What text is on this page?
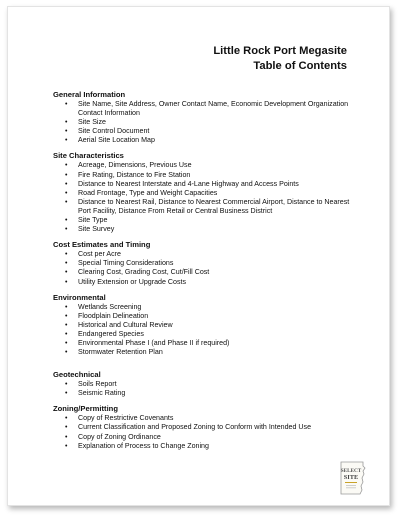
Little Rock Port Megasite
Table of Contents
General Information
• Site Name, Site Address, Owner Contact Name, Economic Development Organization Contact Information
• Site Size
• Site Control Document
• Aerial Site Location Map
Site Characteristics
• Acreage, Dimensions, Previous Use
• Fire Rating, Distance to Fire Station
• Distance to Nearest Interstate and 4-Lane Highway and Access Points
• Road Frontage, Type and Weight Capacities
• Distance to Nearest Rail, Distance to Nearest Commercial Airport, Distance to Nearest Port Facility, Distance From Retail or Central Business District
• Site Type
• Site Survey
Cost Estimates and Timing
• Cost per Acre
• Special Timing Considerations
• Clearing Cost, Grading Cost, Cut/Fill Cost
• Utility Extension or Upgrade Costs
Environmental
• Wetlands Screening
• Floodplain Delineation
• Historical and Cultural Review
• Endangered Species
• Environmental Phase I (and Phase II if required)
• Stormwater Retention Plan
Geotechnical
• Soils Report
• Seismic Rating
Zoning/Permitting
• Copy of Restrictive Covenants
• Current Classification and Proposed Zoning to Conform with Intended Use
• Copy of Zoning Ordinance
• Explanation of Process to Change Zoning
SELECT
SITE
